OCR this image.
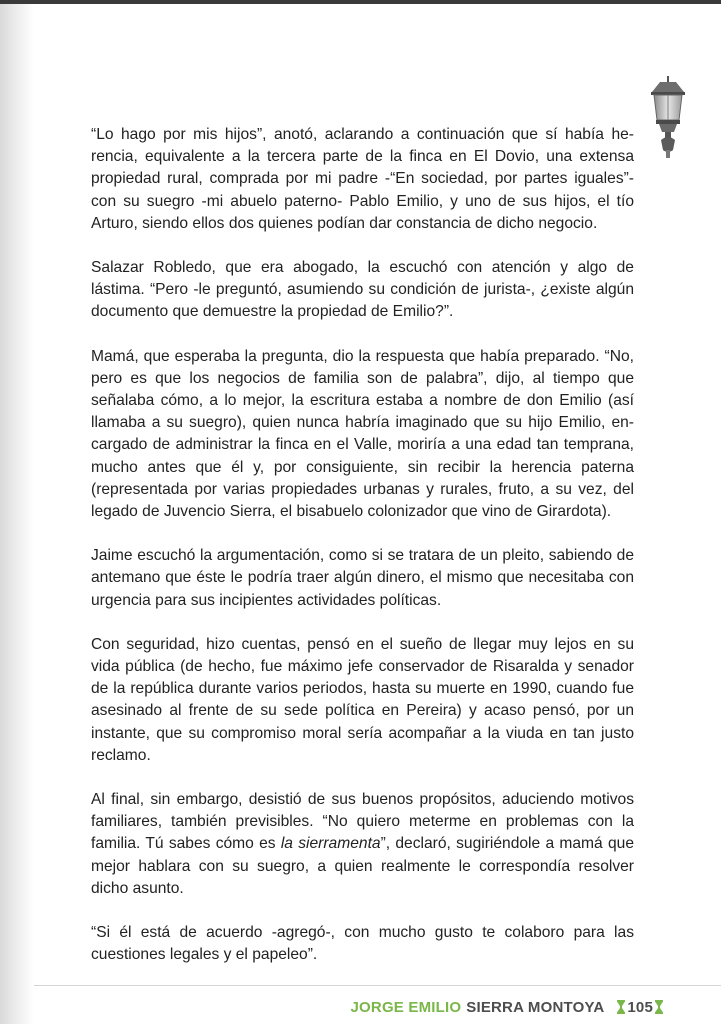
“Lo hago por mis hijos”, anotó, aclarando a continuación que sí había herencia, equivalente a la tercera parte de la finca en El Dovio, una extensa propiedad rural, comprada por mi padre -“En sociedad, por partes iguales”- con su suegro -mi abuelo paterno- Pablo Emilio, y uno de sus hijos, el tío Arturo, siendo ellos dos quienes podían dar constancia de dicho negocio.

Salazar Robledo, que era abogado, la escuchó con atención y algo de lástima. “Pero -le preguntó, asumiendo su condición de jurista-, ¿existe algún documento que demuestre la propiedad de Emilio?”.

Mamá, que esperaba la pregunta, dio la respuesta que había preparado. “No, pero es que los negocios de familia son de palabra”, dijo, al tiempo que señalaba cómo, a lo mejor, la escritura estaba a nombre de don Emilio (así llamaba a su suegro), quien nunca habría imaginado que su hijo Emilio, encargado de administrar la finca en el Valle, moriría a una edad tan temprana, mucho antes que él y, por consiguiente, sin recibir la herencia paterna (representada por varias propiedades urbanas y rurales, fruto, a su vez, del legado de Juvencio Sierra, el bisabuelo colonizador que vino de Girardota).

Jaime escuchó la argumentación, como si se tratara de un pleito, sabiendo de antemano que éste le podría traer algún dinero, el mismo que necesitaba con urgencia para sus incipientes actividades políticas.

Con seguridad, hizo cuentas, pensó en el sueño de llegar muy lejos en su vida pública (de hecho, fue máximo jefe conservador de Risaralda y senador de la república durante varios periodos, hasta su muerte en 1990, cuando fue asesinado al frente de su sede política en Pereira) y acaso pensó, por un instante, que su compromiso moral sería acompañar a la viuda en tan justo reclamo.

Al final, sin embargo, desistió de sus buenos propósitos, aduciendo motivos familiares, también previsibles. “No quiero meterme en problemas con la familia. Tú sabes cómo es la sierramenta”, declaró, sugiriéndole a mamá que mejor hablara con su suegro, a quien realmente le correspondía resolver dicho asunto.

“Si él está de acuerdo -agregó-, con mucho gusto te colaboro para las cuestiones legales y el papeleo”.

JORGE EMILIO SIERRA MONTOYA 105
